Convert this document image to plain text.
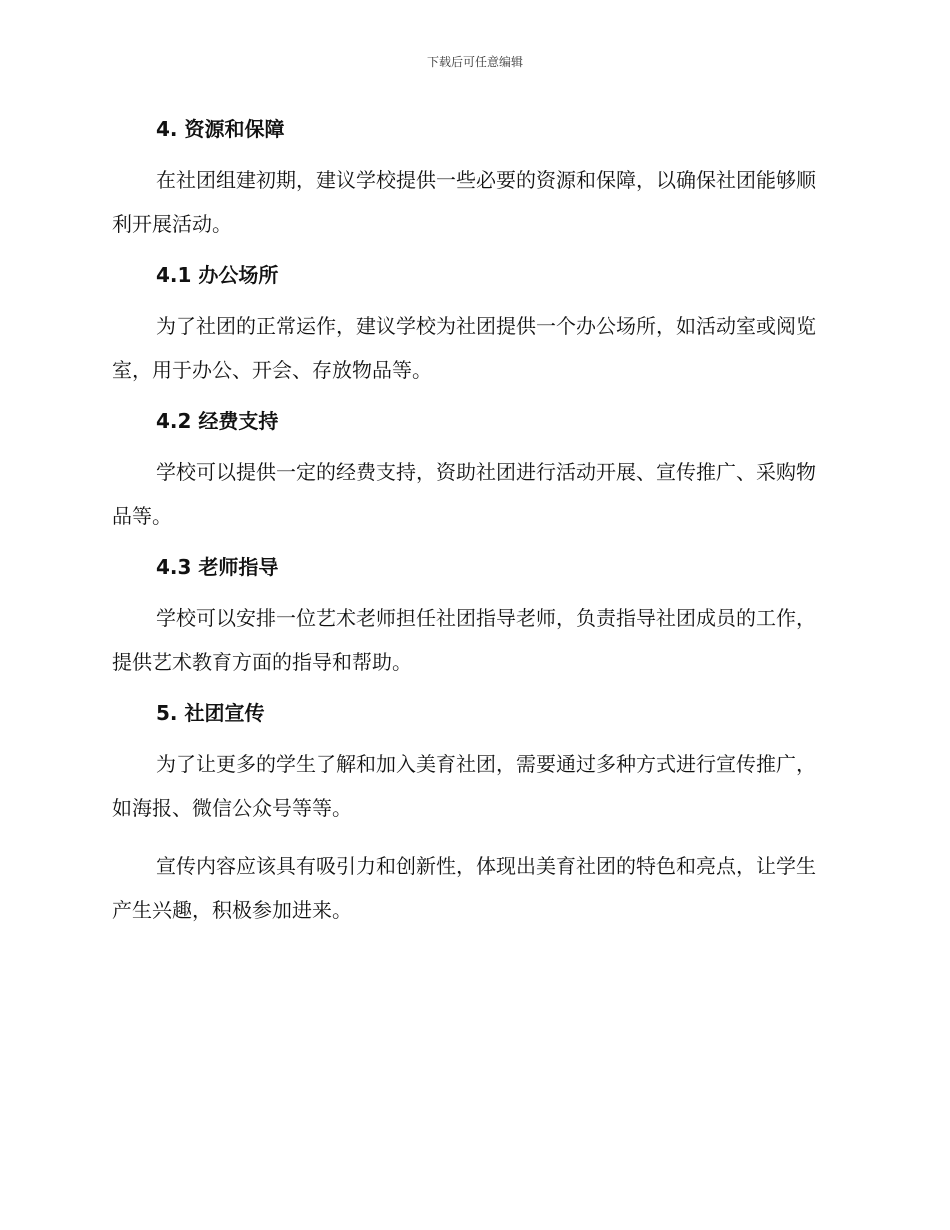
下载后可任意编辑
4. 资源和保障

在社团组建初期，建议学校提供一些必要的资源和保障，以确保社团能够顺利开展活动。

4.1 办公场所

为了社团的正常运作，建议学校为社团提供一个办公场所，如活动室或阅览室，用于办公、开会、存放物品等。

4.2 经费支持

学校可以提供一定的经费支持，资助社团进行活动开展、宣传推广、采购物品等。

4.3 老师指导

学校可以安排一位艺术老师担任社团指导老师，负责指导社团成员的工作，提供艺术教育方面的指导和帮助。

5. 社团宣传

为了让更多的学生了解和加入美育社团，需要通过多种方式进行宣传推广，如海报、微信公众号等等。

宣传内容应该具有吸引力和创新性，体现出美育社团的特色和亮点，让学生产生兴趣，积极参加进来。
